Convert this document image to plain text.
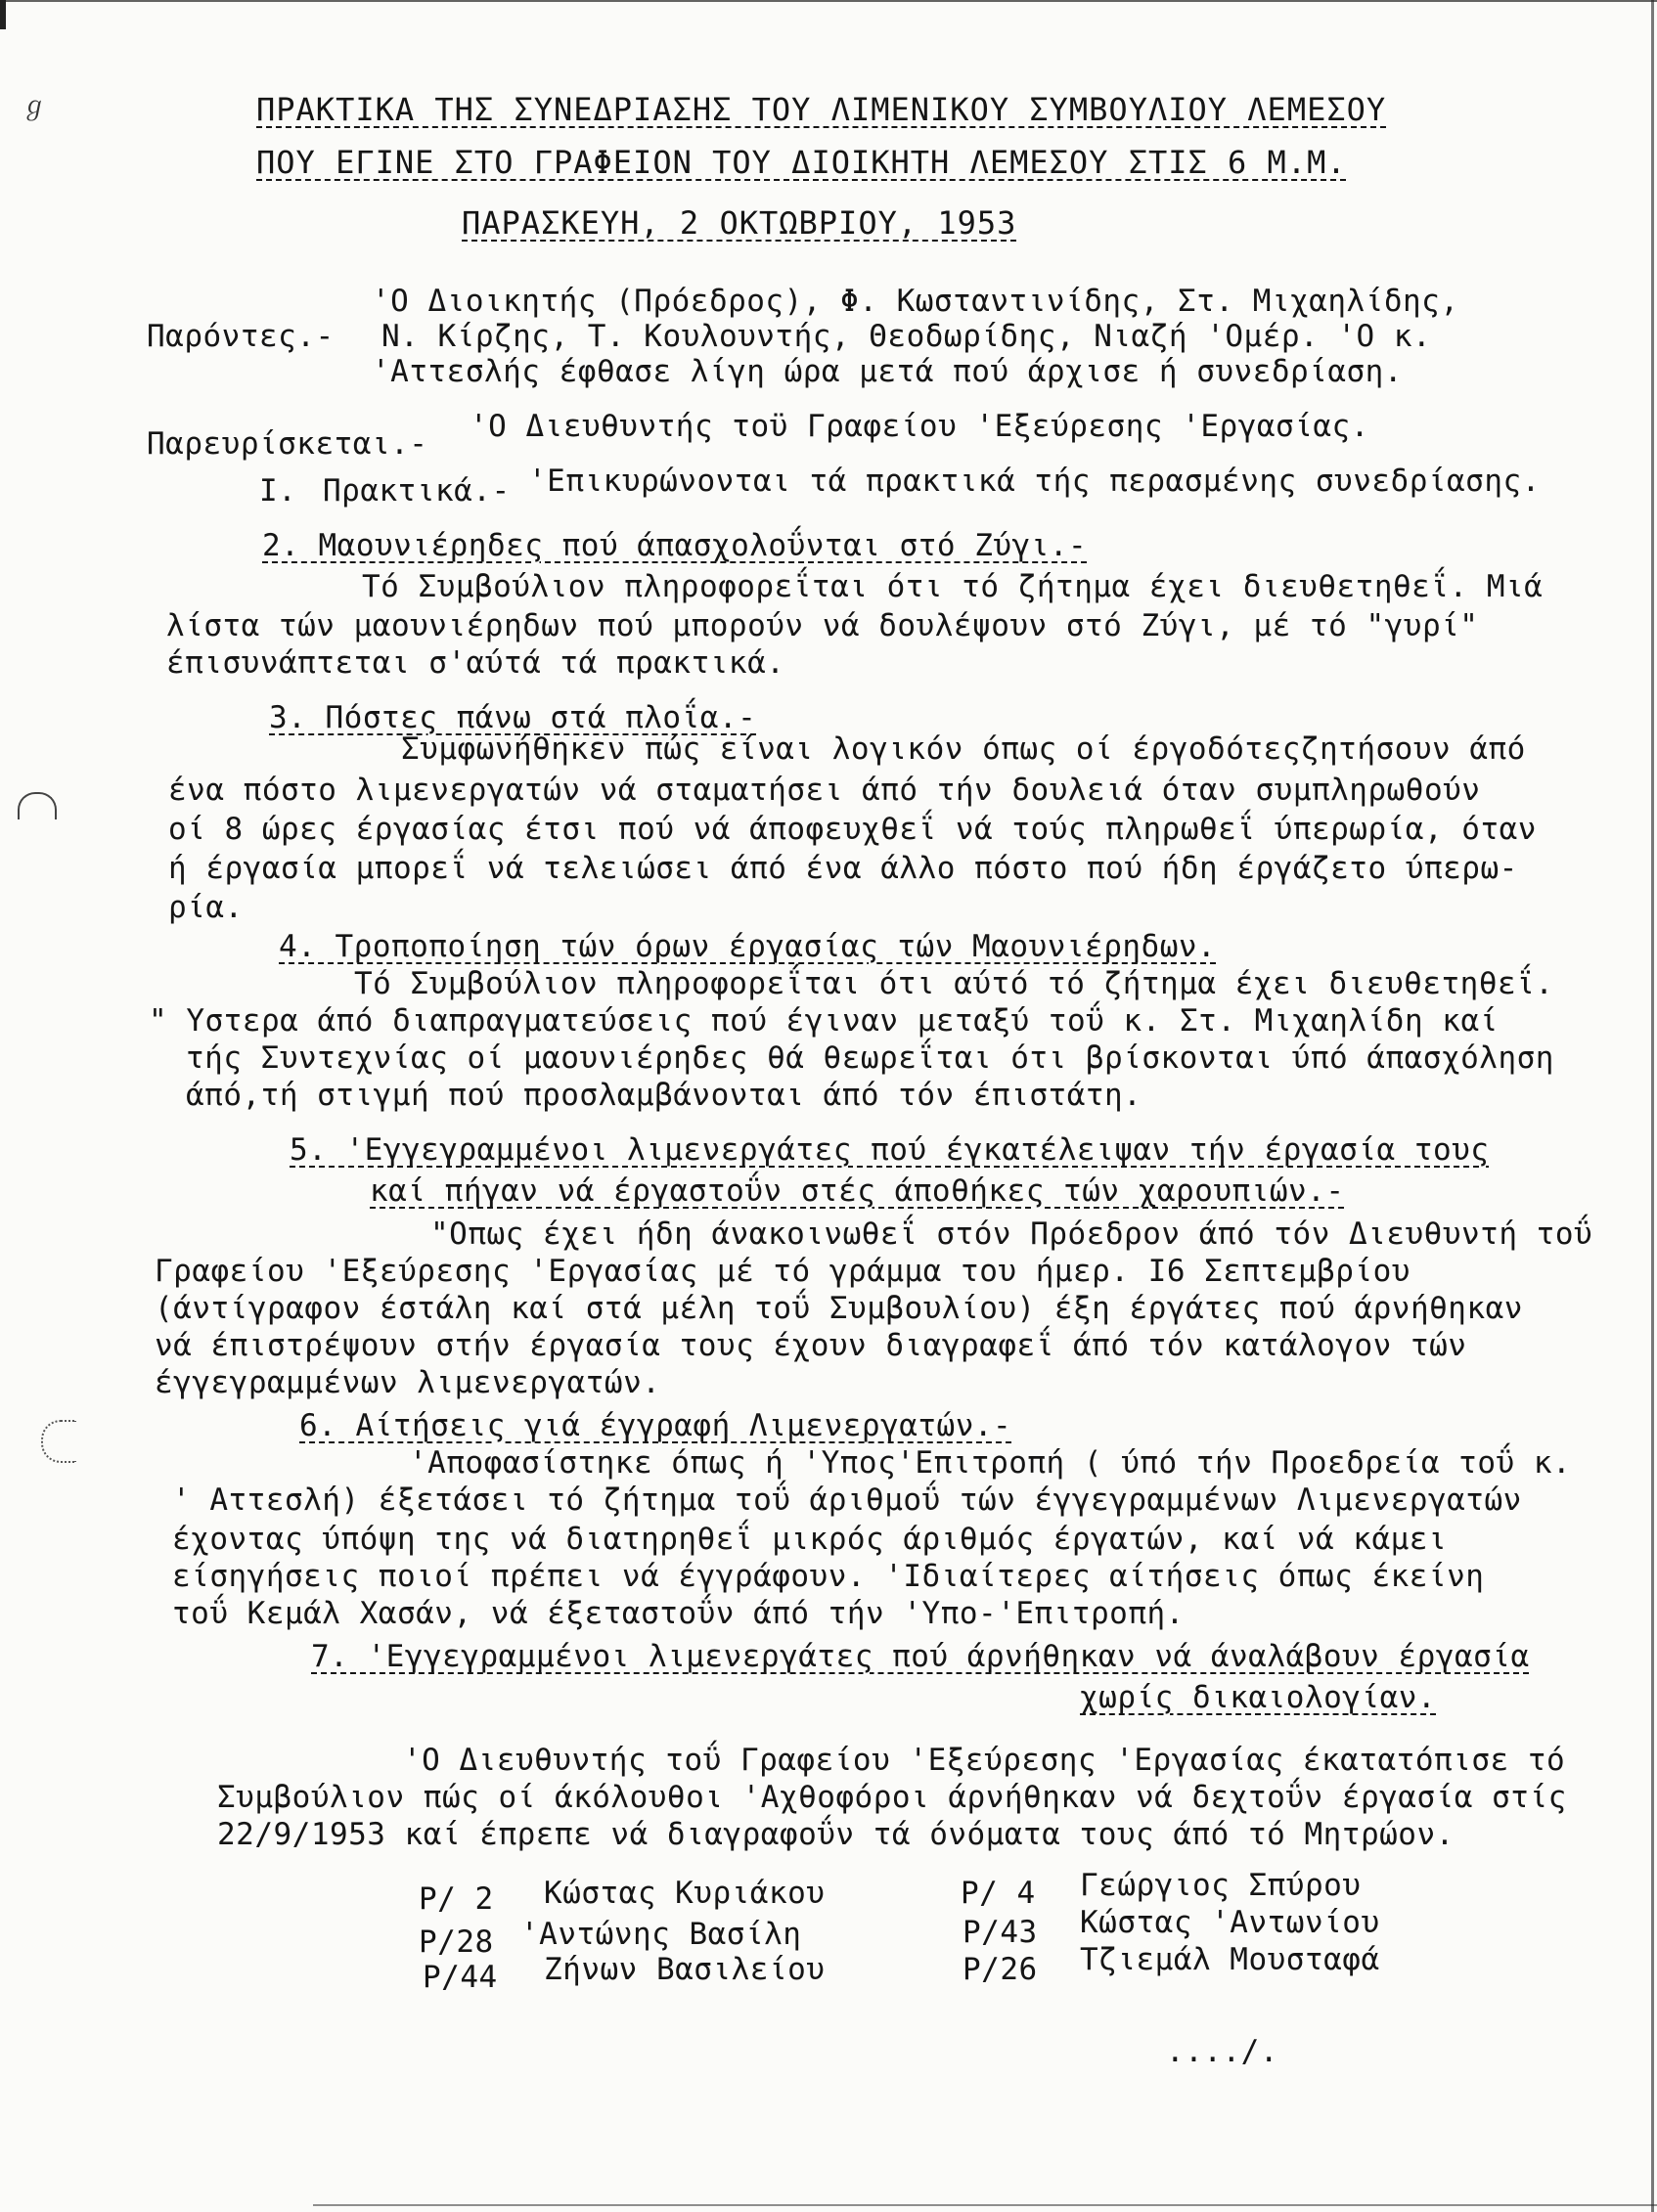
ℊ	ΠΡΑΚΤΙΚΑ ΤΗΣ ΣΥΝΕΔΡΙΑΣΗΣ ΤΟΥ ΛΙΜΕΝΙΚΟΥ ΣΥΜΒΟΥΛΙΟΥ ΛΕΜΕΣΟΥ
ΠΟΥ ΕΓΙΝΕ ΣΤΟ ΓΡΑΦΕΙΟΝ ΤΟΥ ΔΙΟΙΚΗΤΗ ΛΕΜΕΣΟΥ ΣΤΙΣ 6 Μ.Μ.
ΠΑΡΑΣΚΕΥΗ, 2 ΟΚΤΩΒΡΙΟΥ, 1953
Παρόντες.-
'Ο Διοικητής (Πρόεδρος), Φ. Κωσταντινίδης, Στ. Μιχαηλίδης,
Ν. Κίρζης, Τ. Κουλουντής, Θεοδωρίδης, Νιαζή 'Ομέρ. 'Ο κ.
'Αττεσλής έφθασε λίγη ώρα μετά πού άρχισε ή συνεδρίαση.
Παρευρίσκεται.- 'Ο Διευθυντής τοϋ Γραφείου 'Εξεύρεσης 'Εργασίας.
Ι. Πρακτικά.- 'Επικυρώνονται τά πρακτικά τής περασμένης συνεδρίασης.
2. Μαουνιέρηδες πού άπασχολοΰνται στό Ζύγι.-
Τό Συμβούλιον πληροφορεΐται ότι τό ζήτημα έχει διευθετηθεΐ. Μιά
λίστα τών μαουνιέρηδων πού μπορούν νά δουλέψουν στό Ζύγι, μέ τό "γυρί"
έπισυνάπτεται σ'αύτά τά πρακτικά.
3. Πόστες πάνω στά πλοΐα.-
Συμφωνήθηκεν πώς είναι λογικόν όπως οί έργοδότεςζητήσουν άπό
ένα πόστο λιμενεργατών νά σταματήσει άπό τήν δουλειά όταν συμπληρωθούν
οί 8 ώρες έργασίας έτσι πού νά άποφευχθεΐ νά τούς πληρωθεΐ ύπερωρία, όταν
ή έργασία μπορεΐ νά τελειώσει άπό ένα άλλο πόστο πού ήδη έργάζετο ύπερω-
ρία.
4. Τροποποίηση τών όρων έργασίας τών Μαουνιέρηδων.
Τό Συμβούλιον πληροφορεΐται ότι αύτό τό ζήτημα έχει διευθετηθεΐ.
" Υστερα άπό διαπραγματεύσεις πού έγιναν μεταξύ τοΰ κ. Στ. Μιχαηλίδη καί
τής Συντεχνίας οί μαουνιέρηδες θά θεωρεΐται ότι βρίσκονται ύπό άπασχόληση
άπό,τή στιγμή πού προσλαμβάνονται άπό τόν έπιστάτη.
5. 'Εγγεγραμμένοι λιμενεργάτες πού έγκατέλειψαν τήν έργασία τους
καί πήγαν νά έργαστοΰν στές άποθήκες τών χαρουπιών.-
"Οπως έχει ήδη άνακοινωθεΐ στόν Πρόεδρον άπό τόν Διευθυντή τοΰ
Γραφείου 'Εξεύρεσης 'Εργασίας μέ τό γράμμα του ήμερ. Ι6 Σεπτεμβρίου
(άντίγραφον έστάλη καί στά μέλη τοΰ Συμβουλίου) έξη έργάτες πού άρνήθηκαν
νά έπιστρέψουν στήν έργασία τους έχουν διαγραφεΐ άπό τόν κατάλογον τών
έγγεγραμμένων λιμενεργατών.
6. Αίτήσεις γιά έγγραφή Λιμενεργατών.-
'Αποφασίστηκε όπως ή 'Υπος'Επιτροπή ( ύπό τήν Προεδρεία τοΰ κ.
' Αττεσλή) έξετάσει τό ζήτημα τοΰ άριθμοΰ τών έγγεγραμμένων Λιμενεργατών
έχοντας ύπόψη της νά διατηρηθεΐ μικρός άριθμός έργατών, καί νά κάμει
είσηγήσεις ποιοί πρέπει νά έγγράφουν. 'Ιδιαίτερες αίτήσεις όπως έκείνη
τοΰ Κεμάλ Χασάν, νά έξεταστοΰν άπό τήν 'Υπο-'Επιτροπή.
7. 'Εγγεγραμμένοι λιμενεργάτες πού άρνήθηκαν νά άναλάβουν έργασία
χωρίς δικαιολογίαν.
'Ο Διευθυντής τοΰ Γραφείου 'Εξεύρεσης 'Εργασίας έκατατόπισε τό
Συμβούλιον πώς οί άκόλουθοι 'Αχθοφόροι άρνήθηκαν νά δεχτοΰν έργασία στίς
22/9/1953 καί έπρεπε νά διαγραφοΰν τά όνόματα τους άπό τό Μητρώον.
P/ 2 Κώστας Κυριάκου
P/28 'Αντώνης Βασίλη
P/44 Ζήνων Βασιλείου
P/ 4 Γεώργιος Σπύρου
P/43 Κώστας 'Αντωνίου
P/26 Τζιεμάλ Μουσταφά
..../.
